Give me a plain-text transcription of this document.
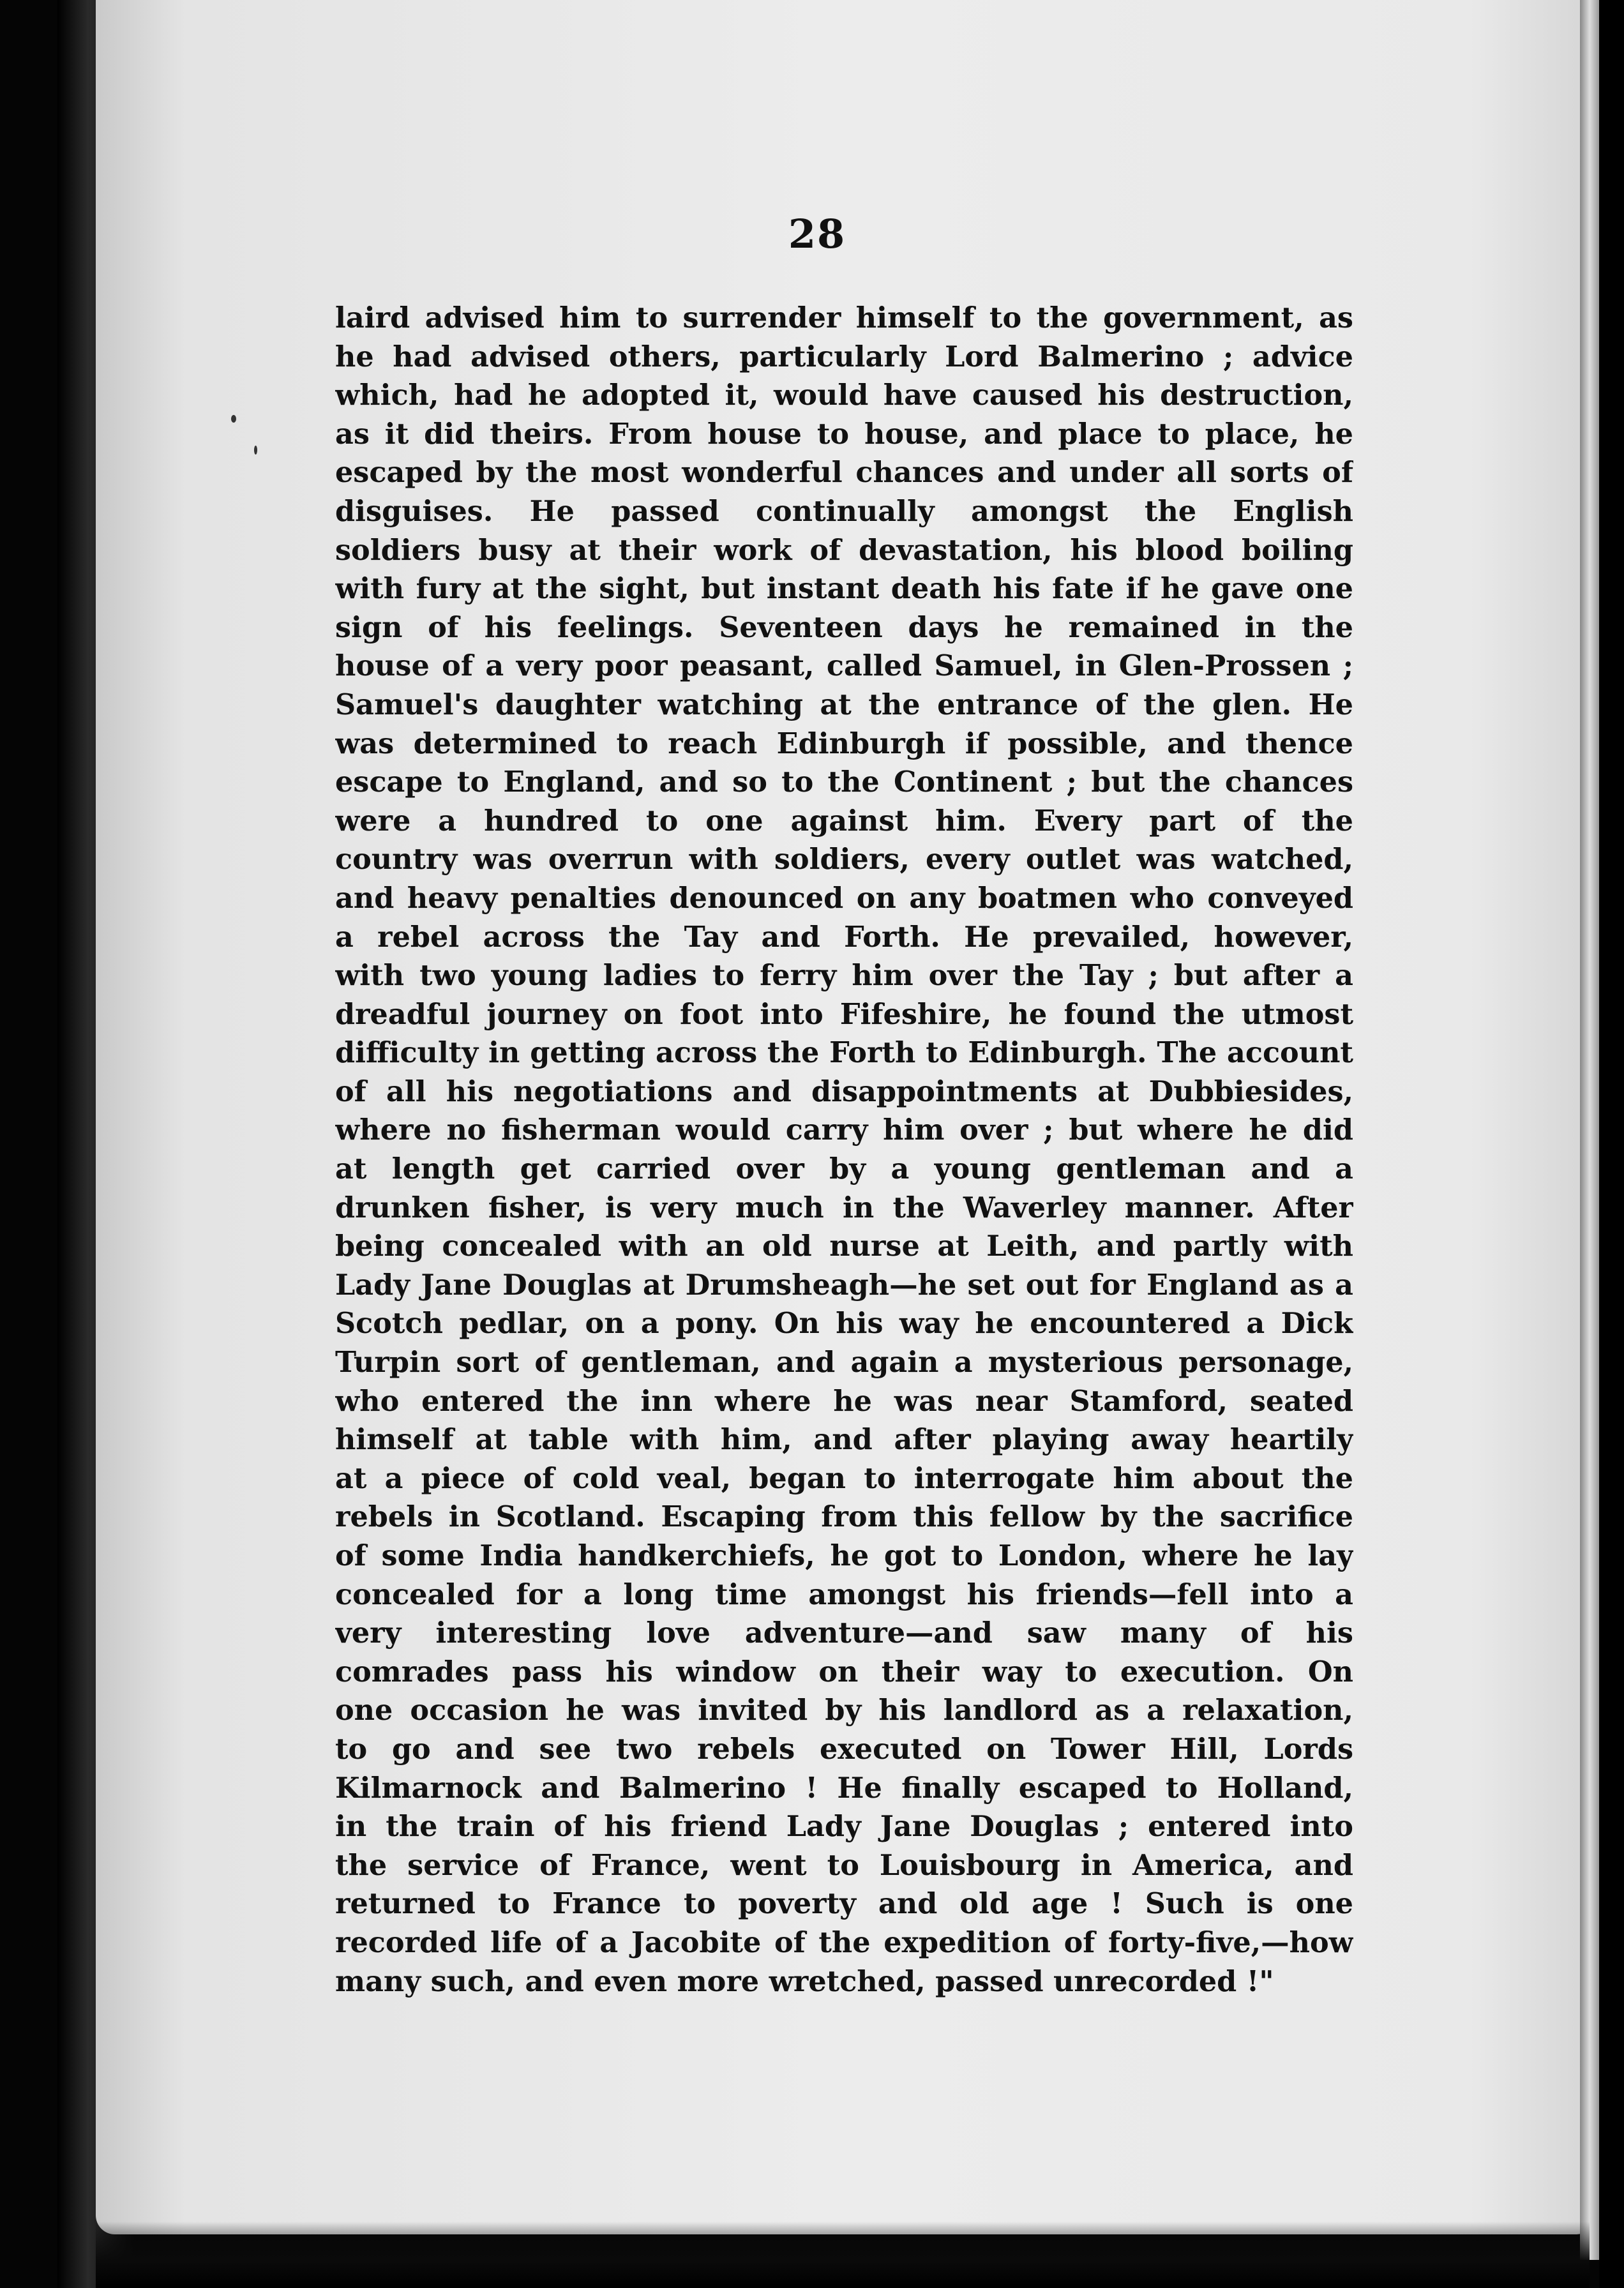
28
laird advised him to surrender himself to the government, as
he had advised others, particularly Lord Balmerino ; advice
which, had he adopted it, would have caused his destruction,
as it did theirs. From house to house, and place to place, he
escaped by the most wonderful chances and under all sorts of
disguises. He passed continually amongst the English
soldiers busy at their work of devastation, his blood boiling
with fury at the sight, but instant death his fate if he gave one
sign of his feelings. Seventeen days he remained in the
house of a very poor peasant, called Samuel, in Glen-Prossen ;
Samuel's daughter watching at the entrance of the glen. He
was determined to reach Edinburgh if possible, and thence
escape to England, and so to the Continent ; but the chances
were a hundred to one against him. Every part of the
country was overrun with soldiers, every outlet was watched,
and heavy penalties denounced on any boatmen who conveyed
a rebel across the Tay and Forth. He prevailed, however,
with two young ladies to ferry him over the Tay ; but after a
dreadful journey on foot into Fifeshire, he found the utmost
difficulty in getting across the Forth to Edinburgh. The account
of all his negotiations and disappointments at Dubbiesides,
where no fisherman would carry him over ; but where he did
at length get carried over by a young gentleman and a
drunken fisher, is very much in the Waverley manner. After
being concealed with an old nurse at Leith, and partly with
Lady Jane Douglas at Drumsheagh—he set out for England as a
Scotch pedlar, on a pony. On his way he encountered a Dick
Turpin sort of gentleman, and again a mysterious personage,
who entered the inn where he was near Stamford, seated
himself at table with him, and after playing away heartily
at a piece of cold veal, began to interrogate him about the
rebels in Scotland. Escaping from this fellow by the sacrifice
of some India handkerchiefs, he got to London, where he lay
concealed for a long time amongst his friends—fell into a
very interesting love adventure—and saw many of his
comrades pass his window on their way to execution. On
one occasion he was invited by his landlord as a relaxation,
to go and see two rebels executed on Tower Hill, Lords
Kilmarnock and Balmerino ! He finally escaped to Holland,
in the train of his friend Lady Jane Douglas ; entered into
the service of France, went to Louisbourg in America, and
returned to France to poverty and old age ! Such is one
recorded life of a Jacobite of the expedition of forty-five,—how
many such, and even more wretched, passed unrecorded !"
